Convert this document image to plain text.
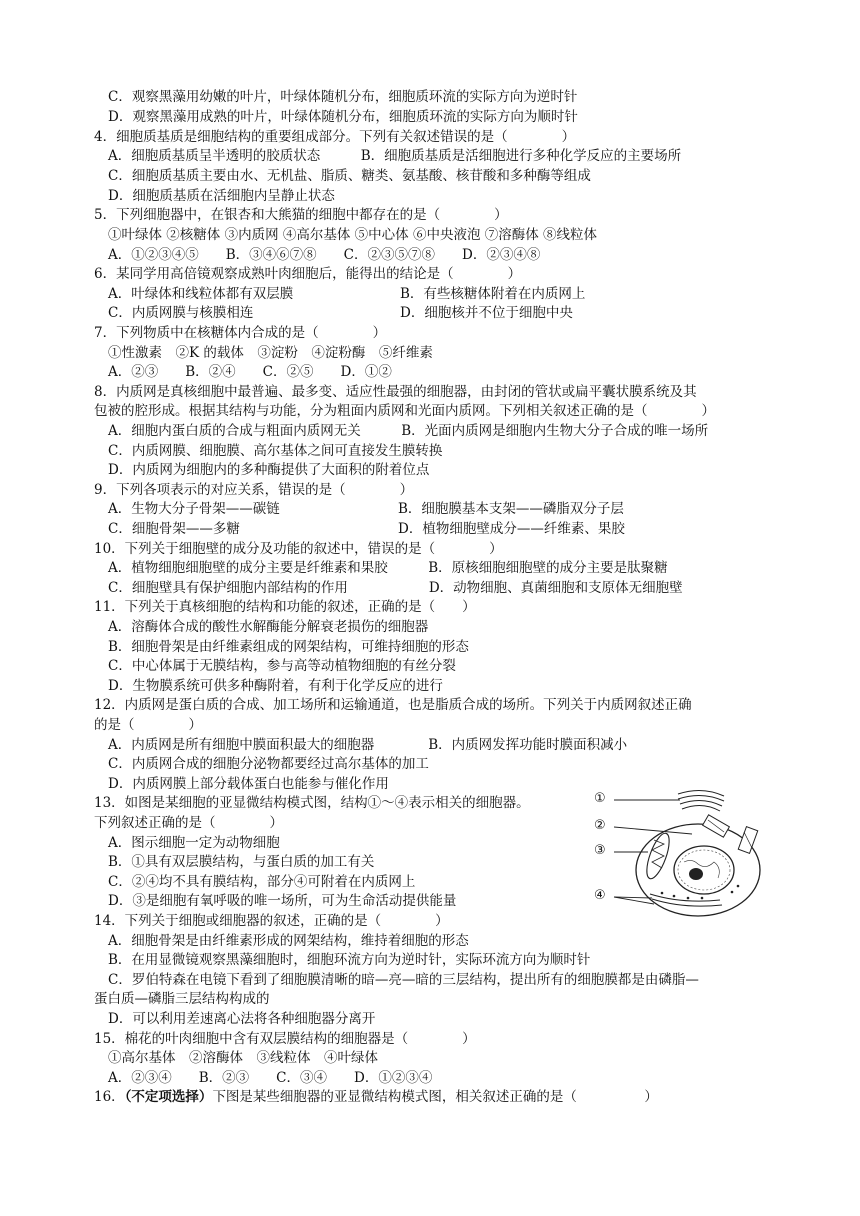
C．观察黑藻用幼嫩的叶片，叶绿体随机分布，细胞质环流的实际方向为逆时针
D．观察黑藻用成熟的叶片，叶绿体随机分布，细胞质环流的实际方向为顺时针
4．细胞质基质是细胞结构的重要组成部分。下列有关叙述错误的是（　　　　）
A．细胞质基质呈半透明的胶质状态　　　B．细胞质基质是活细胞进行多种化学反应的主要场所
C．细胞质基质主要由水、无机盐、脂质、糖类、氨基酸、核苷酸和多种酶等组成
D．细胞质基质在活细胞内呈静止状态
5．下列细胞器中，在银杏和大熊猫的细胞中都存在的是（　　　　）
①叶绿体 ②核糖体 ③内质网 ④高尔基体 ⑤中心体 ⑥中央液泡 ⑦溶酶体 ⑧线粒体
A．①②③④⑤　　B．③④⑥⑦⑧　　C．②③⑤⑦⑧　　D．②③④⑧
6．某同学用高倍镜观察成熟叶肉细胞后，能得出的结论是（　　　　）
A．叶绿体和线粒体都有双层膜	B．有些核糖体附着在内质网上
C．内质网膜与核膜相连	D．细胞核并不位于细胞中央
7．下列物质中在核糖体内合成的是（　　　　）
①性激素　②K 的载体　③淀粉　④淀粉酶　⑤纤维素
A．②③　　B．②④　　C．②⑤　　D．①②
8．内质网是真核细胞中最普遍、最多变、适应性最强的细胞器，由封闭的管状或扁平囊状膜系统及其
包被的腔形成。根据其结构与功能，分为粗面内质网和光面内质网。下列相关叙述正确的是（　　　　）
A．细胞内蛋白质的合成与粗面内质网无关　　　B．光面内质网是细胞内生物大分子合成的唯一场所
C．内质网膜、细胞膜、高尔基体之间可直接发生膜转换
D．内质网为细胞内的多种酶提供了大面积的附着位点
9．下列各项表示的对应关系，错误的是（　　　　）
A．生物大分子骨架——碳链	B．细胞膜基本支架——磷脂双分子层
C．细胞骨架——多糖	D．植物细胞壁成分——纤维素、果胶
10．下列关于细胞壁的成分及功能的叙述中，错误的是（　　　　）
A．植物细胞细胞壁的成分主要是纤维素和果胶　　　B．原核细胞细胞壁的成分主要是肽聚糖
C．细胞壁具有保护细胞内部结构的作用　　　　　　D．动物细胞、真菌细胞和支原体无细胞壁
11．下列关于真核细胞的结构和功能的叙述，正确的是（　　）
A．溶酶体合成的酸性水解酶能分解衰老损伤的细胞器
B．细胞骨架是由纤维素组成的网架结构，可维持细胞的形态
C．中心体属于无膜结构，参与高等动植物细胞的有丝分裂
D．生物膜系统可供多种酶附着，有利于化学反应的进行
12．内质网是蛋白质的合成、加工场所和运输通道，也是脂质合成的场所。下列关于内质网叙述正确
的是（　　　　）
A．内质网是所有细胞中膜面积最大的细胞器　　　　B．内质网发挥功能时膜面积减小
C．内质网合成的细胞分泌物都要经过高尔基体的加工
D．内质网膜上部分载体蛋白也能参与催化作用
13．如图是某细胞的亚显微结构模式图，结构①～④表示相关的细胞器。
下列叙述正确的是（　　　　）
A．图示细胞一定为动物细胞
B．①具有双层膜结构，与蛋白质的加工有关
C．②④均不具有膜结构，部分④可附着在内质网上
D．③是细胞有氧呼吸的唯一场所，可为生命活动提供能量
14．下列关于细胞或细胞器的叙述，正确的是（　　　　）
A．细胞骨架是由纤维素形成的网架结构，维持着细胞的形态
B．在用显微镜观察黑藻细胞时，细胞环流方向为逆时针，实际环流方向为顺时针
C．罗伯特森在电镜下看到了细胞膜清晰的暗—亮—暗的三层结构，提出所有的细胞膜都是由磷脂—
蛋白质—磷脂三层结构构成的
D．可以利用差速离心法将各种细胞器分离开
15．棉花的叶肉细胞中含有双层膜结构的细胞器是（　　　　）
①高尔基体　②溶酶体　③线粒体　④叶绿体
A．②③④　　B．②③　　C．③④　　D．①②③④
16．（不定项选择）下图是某些细胞器的亚显微结构模式图，相关叙述正确的是（　　　　　）
①
②
③
④
